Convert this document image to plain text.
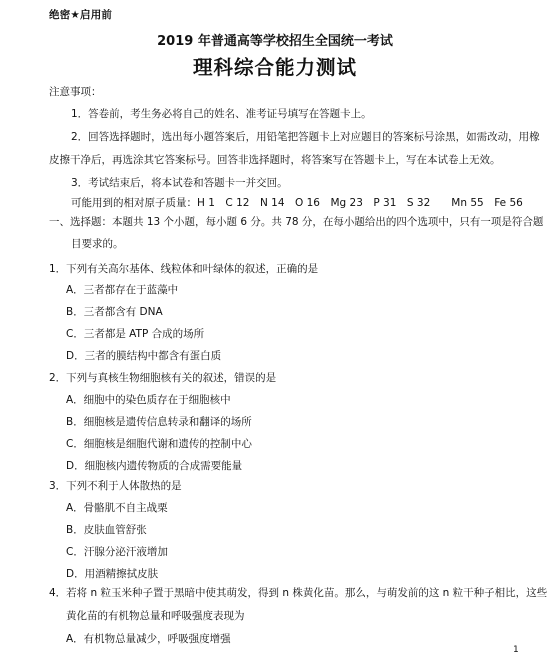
绝密★启用前
2019 年普通高等学校招生全国统一考试
理科综合能力测试
注意事项：
1．答卷前，考生务必将自己的姓名、准考证号填写在答题卡上。
2．回答选择题时，选出每小题答案后，用铅笔把答题卡上对应题目的答案标号涂黑，如需改动，用橡
皮擦干净后，再选涂其它答案标号。回答非选择题时，将答案写在答题卡上，写在本试卷上无效。
3．考试结束后，将本试卷和答题卡一并交回。
可能用到的相对原子质量：H 1　C 12　N 14　O 16　Mg 23　P 31　S 32　　Mn 55　Fe 56
一、选择题：本题共 13 个小题，每小题 6 分。共 78 分，在每小题给出的四个选项中，只有一项是符合题
目要求的。
1．下列有关高尔基体、线粒体和叶绿体的叙述，正确的是
A．三者都存在于蓝藻中
B．三者都含有 DNA
C．三者都是 ATP 合成的场所
D．三者的膜结构中都含有蛋白质
2．下列与真核生物细胞核有关的叙述，错误的是
A．细胞中的染色质存在于细胞核中
B．细胞核是遗传信息转录和翻译的场所
C．细胞核是细胞代谢和遗传的控制中心
D．细胞核内遗传物质的合成需要能量
3．下列不利于人体散热的是
A．骨骼肌不自主战栗
B．皮肤血管舒张
C．汗腺分泌汗液增加
D．用酒精擦拭皮肤
4．若将 n 粒玉米种子置于黑暗中使其萌发，得到 n 株黄化苗。那么，与萌发前的这 n 粒干种子相比，这些
黄化苗的有机物总量和呼吸强度表现为
A．有机物总量减少，呼吸强度增强
1
